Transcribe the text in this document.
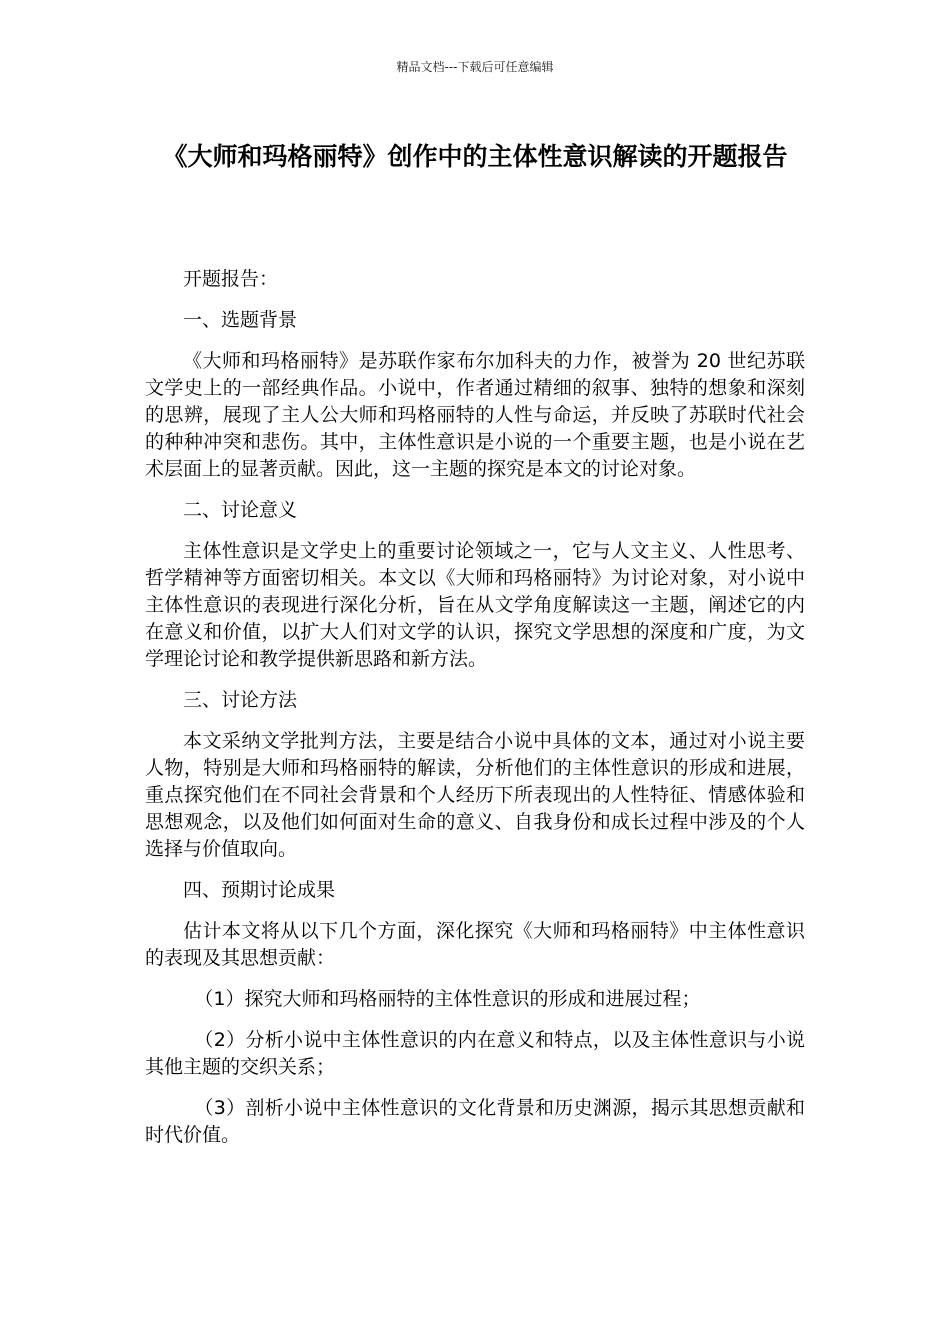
精品文档---下载后可任意编辑
《大师和玛格丽特》创作中的主体性意识解读的开题报告

开题报告：

一、选题背景

《大师和玛格丽特》是苏联作家布尔加科夫的力作，被誉为 20 世纪苏联文学史上的一部经典作品。小说中，作者通过精细的叙事、独特的想象和深刻的思辨，展现了主人公大师和玛格丽特的人性与命运，并反映了苏联时代社会的种种冲突和悲伤。其中，主体性意识是小说的一个重要主题，也是小说在艺术层面上的显著贡献。因此，这一主题的探究是本文的讨论对象。

二、讨论意义

主体性意识是文学史上的重要讨论领域之一，它与人文主义、人性思考、哲学精神等方面密切相关。本文以《大师和玛格丽特》为讨论对象，对小说中主体性意识的表现进行深化分析，旨在从文学角度解读这一主题，阐述它的内在意义和价值，以扩大人们对文学的认识，探究文学思想的深度和广度，为文学理论讨论和教学提供新思路和新方法。

三、讨论方法

本文采纳文学批判方法，主要是结合小说中具体的文本，通过对小说主要人物，特别是大师和玛格丽特的解读，分析他们的主体性意识的形成和进展，重点探究他们在不同社会背景和个人经历下所表现出的人性特征、情感体验和思想观念，以及他们如何面对生命的意义、自我身份和成长过程中涉及的个人选择与价值取向。

四、预期讨论成果

估计本文将从以下几个方面，深化探究《大师和玛格丽特》中主体性意识的表现及其思想贡献：

（1）探究大师和玛格丽特的主体性意识的形成和进展过程；

（2）分析小说中主体性意识的内在意义和特点，以及主体性意识与小说其他主题的交织关系；

（3）剖析小说中主体性意识的文化背景和历史渊源，揭示其思想贡献和时代价值。
